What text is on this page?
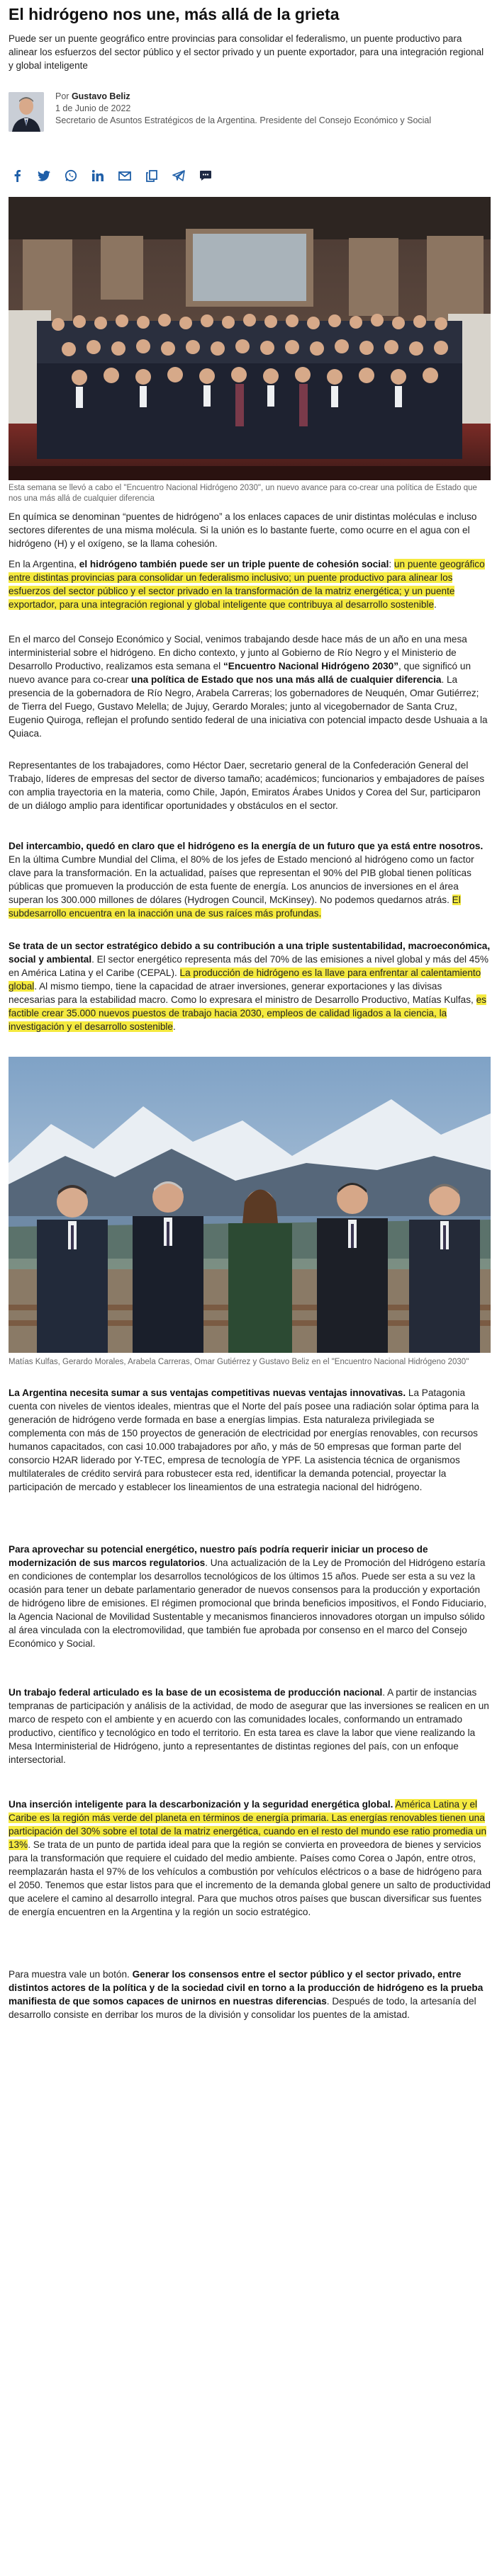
El hidrógeno nos une, más allá de la grieta

Puede ser un puente geográfico entre provincias para consolidar el federalismo, un puente productivo para alinear los esfuerzos del sector público y el sector privado y un puente exportador, para una integración regional y global inteligente

Por Gustavo Beliz
1 de Junio de 2022
Secretario de Asuntos Estratégicos de la Argentina. Presidente del Consejo Económico y Social

Esta semana se llevó a cabo el "Encuentro Nacional Hidrógeno 2030", un nuevo avance para co-crear una política de Estado que nos una más allá de cualquier diferencia

En química se denominan “puentes de hidrógeno” a los enlaces capaces de unir distintas moléculas e incluso sectores diferentes de una misma molécula. Si la unión es lo bastante fuerte, como ocurre en el agua con el hidrógeno (H) y el oxígeno, se la llama cohesión.

En la Argentina, el hidrógeno también puede ser un triple puente de cohesión social: un puente geográfico entre distintas provincias para consolidar un federalismo inclusivo; un puente productivo para alinear los esfuerzos del sector público y el sector privado en la transformación de la matriz energética; y un puente exportador, para una integración regional y global inteligente que contribuya al desarrollo sostenible.

En el marco del Consejo Económico y Social, venimos trabajando desde hace más de un año en una mesa interministerial sobre el hidrógeno. En dicho contexto, y junto al Gobierno de Río Negro y el Ministerio de Desarrollo Productivo, realizamos esta semana el “Encuentro Nacional Hidrógeno 2030”, que significó un nuevo avance para co-crear una política de Estado que nos una más allá de cualquier diferencia. La presencia de la gobernadora de Río Negro, Arabela Carreras; los gobernadores de Neuquén, Omar Gutiérrez; de Tierra del Fuego, Gustavo Melella; de Jujuy, Gerardo Morales; junto al vicegobernador de Santa Cruz, Eugenio Quiroga, reflejan el profundo sentido federal de una iniciativa con potencial impacto desde Ushuaia a la Quiaca.

Representantes de los trabajadores, como Héctor Daer, secretario general de la Confederación General del Trabajo, líderes de empresas del sector de diverso tamaño; académicos; funcionarios y embajadores de países con amplia trayectoria en la materia, como Chile, Japón, Emiratos Árabes Unidos y Corea del Sur, participaron de un diálogo amplio para identificar oportunidades y obstáculos en el sector.

Del intercambio, quedó en claro que el hidrógeno es la energía de un futuro que ya está entre nosotros. En la última Cumbre Mundial del Clima, el 80% de los jefes de Estado mencionó al hidrógeno como un factor clave para la transformación. En la actualidad, países que representan el 90% del PIB global tienen políticas públicas que promueven la producción de esta fuente de energía. Los anuncios de inversiones en el área superan los 300.000 millones de dólares (Hydrogen Council, McKinsey). No podemos quedarnos atrás. El subdesarrollo encuentra en la inacción una de sus raíces más profundas.

Se trata de un sector estratégico debido a su contribución a una triple sustentabilidad, macroeconómica, social y ambiental. El sector energético representa más del 70% de las emisiones a nivel global y más del 45% en América Latina y el Caribe (CEPAL). La producción de hidrógeno es la llave para enfrentar al calentamiento global. Al mismo tiempo, tiene la capacidad de atraer inversiones, generar exportaciones y las divisas necesarias para la estabilidad macro. Como lo expresara el ministro de Desarrollo Productivo, Matías Kulfas, es factible crear 35.000 nuevos puestos de trabajo hacia 2030, empleos de calidad ligados a la ciencia, la investigación y el desarrollo sostenible.

Matías Kulfas, Gerardo Morales, Arabela Carreras, Omar Gutiérrez y Gustavo Beliz en el "Encuentro Nacional Hidrógeno 2030"

La Argentina necesita sumar a sus ventajas competitivas nuevas ventajas innovativas. La Patagonia cuenta con niveles de vientos ideales, mientras que el Norte del país posee una radiación solar óptima para la generación de hidrógeno verde formada en base a energías limpias. Esta naturaleza privilegiada se complementa con más de 150 proyectos de generación de electricidad por energías renovables, con recursos humanos capacitados, con casi 10.000 trabajadores por año, y más de 50 empresas que forman parte del consorcio H2AR liderado por Y-TEC, empresa de tecnología de YPF. La asistencia técnica de organismos multilaterales de crédito servirá para robustecer esta red, identificar la demanda potencial, proyectar la participación de mercado y establecer los lineamientos de una estrategia nacional del hidrógeno.

Para aprovechar su potencial energético, nuestro país podría requerir iniciar un proceso de modernización de sus marcos regulatorios. Una actualización de la Ley de Promoción del Hidrógeno estaría en condiciones de contemplar los desarrollos tecnológicos de los últimos 15 años. Puede ser esta a su vez la ocasión para tener un debate parlamentario generador de nuevos consensos para la producción y exportación de hidrógeno libre de emisiones. El régimen promocional que brinda beneficios impositivos, el Fondo Fiduciario, la Agencia Nacional de Movilidad Sustentable y mecanismos financieros innovadores otorgan un impulso sólido al área vinculada con la electromovilidad, que también fue aprobada por consenso en el marco del Consejo Económico y Social.

Un trabajo federal articulado es la base de un ecosistema de producción nacional. A partir de instancias tempranas de participación y análisis de la actividad, de modo de asegurar que las inversiones se realicen en un marco de respeto con el ambiente y en acuerdo con las comunidades locales, conformando un entramado productivo, científico y tecnológico en todo el territorio. En esta tarea es clave la labor que viene realizando la Mesa Interministerial de Hidrógeno, junto a representantes de distintas regiones del país, con un enfoque intersectorial.

Una inserción inteligente para la descarbonización y la seguridad energética global. América Latina y el Caribe es la región más verde del planeta en términos de energía primaria. Las energías renovables tienen una participación del 30% sobre el total de la matriz energética, cuando en el resto del mundo ese ratio promedia un 13%. Se trata de un punto de partida ideal para que la región se convierta en proveedora de bienes y servicios para la transformación que requiere el cuidado del medio ambiente. Países como Corea o Japón, entre otros, reemplazarán hasta el 97% de los vehículos a combustión por vehículos eléctricos o a base de hidrógeno para el 2050. Tenemos que estar listos para que el incremento de la demanda global genere un salto de productividad que acelere el camino al desarrollo integral. Para que muchos otros países que buscan diversificar sus fuentes de energía encuentren en la Argentina y la región un socio estratégico.

Para muestra vale un botón. Generar los consensos entre el sector público y el sector privado, entre distintos actores de la política y de la sociedad civil en torno a la producción de hidrógeno es la prueba manifiesta de que somos capaces de unirnos en nuestras diferencias. Después de todo, la artesanía del desarrollo consiste en derribar los muros de la división y consolidar los puentes de la amistad.
